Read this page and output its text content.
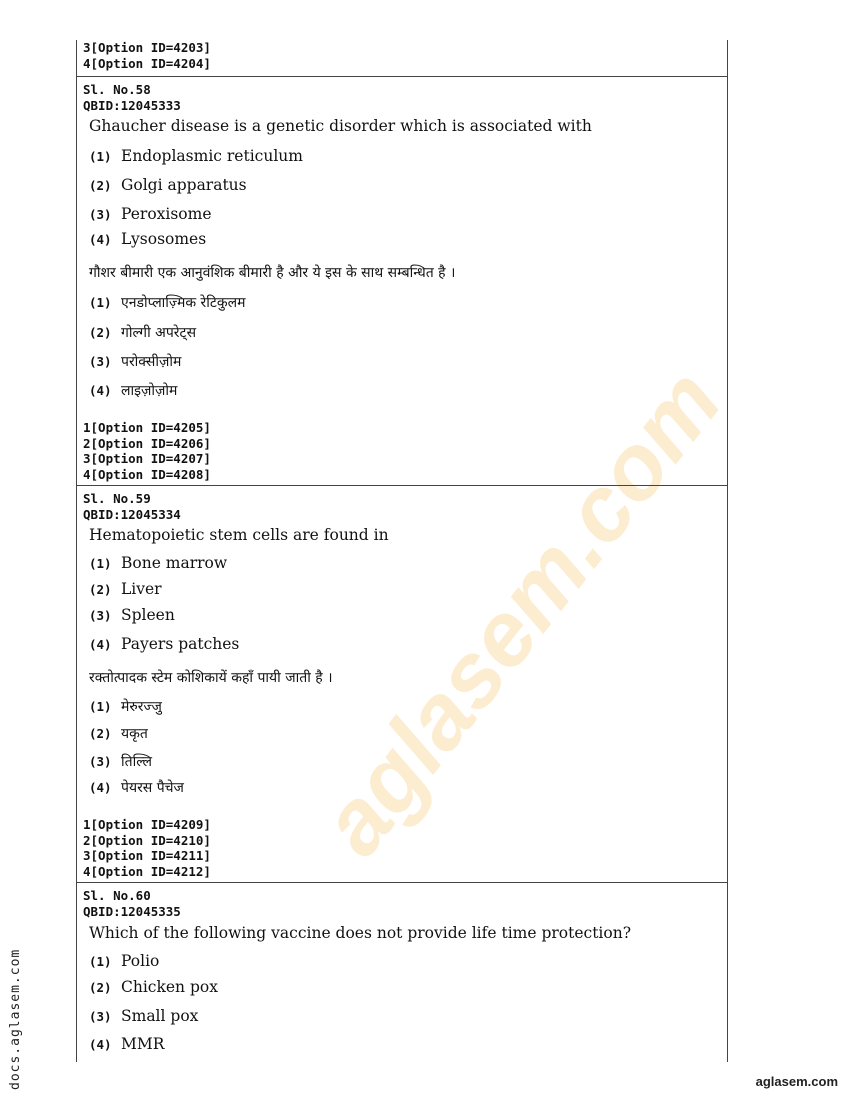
aglasem.com
3[Option ID=4203]
4[Option ID=4204]
Sl. No.58
QBID:12045333
Ghaucher disease is a genetic disorder which is associated with
(1) Endoplasmic reticulum
(2) Golgi apparatus
(3) Peroxisome
(4) Lysosomes
गौशर बीमारी एक आनुवंशिक बीमारी है और ये इस के साथ सम्बन्धित है ।
(1) एनडोप्लाज़्मिक रेटिकुलम
(2) गोल्गी अपरेट्स
(3) परोक्सीज़ोम
(4) लाइज़ोज़ोम
1[Option ID=4205]
2[Option ID=4206]
3[Option ID=4207]
4[Option ID=4208]
Sl. No.59
QBID:12045334
Hematopoietic stem cells are found in
(1) Bone marrow
(2) Liver
(3) Spleen
(4) Payers patches
रक्तोत्पादक स्टेम कोशिकायें कहाँ पायी जाती है ।
(1) मेरुरज्जु
(2) यकृत
(3) तिल्लि
(4) पेयरस पैचेज
1[Option ID=4209]
2[Option ID=4210]
3[Option ID=4211]
4[Option ID=4212]
Sl. No.60
QBID:12045335
Which of the following vaccine does not provide life time protection?
(1) Polio
(2) Chicken pox
(3) Small pox
(4) MMR
docs.aglasem.com	aglasem.com
